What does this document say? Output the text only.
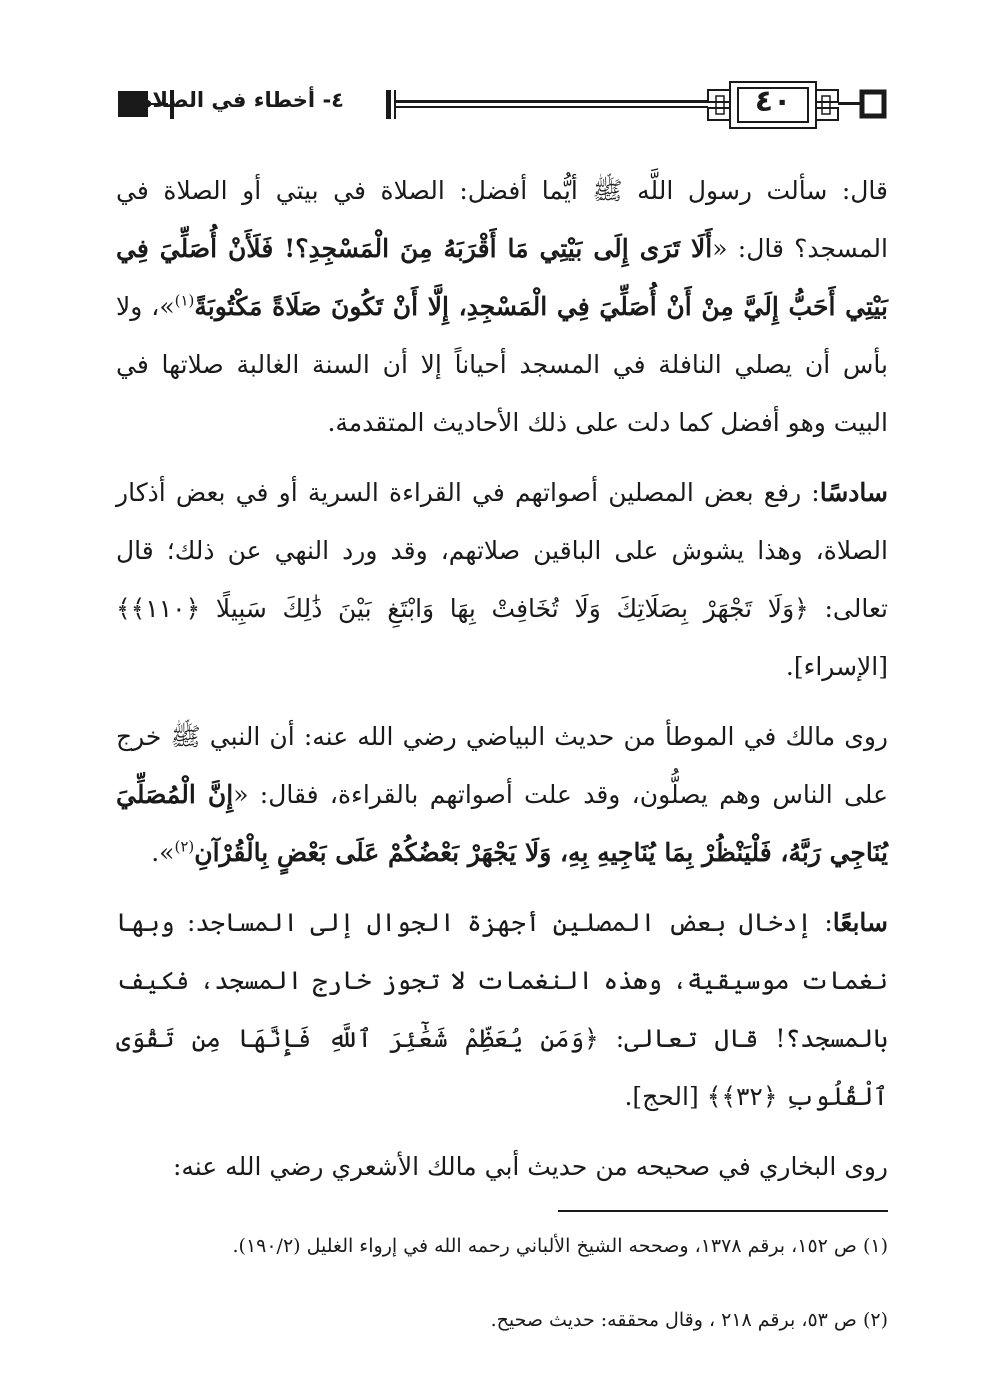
٤- أخطاء في الصلاة	٤٠

قال: سألت رسول اللَّه ﷺ أيُّما أفضل: الصلاة في بيتي أو الصلاة في المسجد؟ قال: «أَلَا تَرَى إِلَى بَيْتِي مَا أَقْرَبَهُ مِنَ الْمَسْجِدِ؟! فَلَأَنْ أُصَلِّيَ فِي بَيْتِي أَحَبُّ إِلَيَّ مِنْ أَنْ أُصَلِّيَ فِي الْمَسْجِدِ، إِلَّا أَنْ تَكُونَ صَلَاةً مَكْتُوبَةً$^{(١)}$»، ولا بأس أن يصلي النافلة في المسجد أحياناً إلا أن السنة الغالبة صلاتها في البيت وهو أفضل كما دلت على ذلك الأحاديث المتقدمة.

سادسًا: رفع بعض المصلين أصواتهم في القراءة السرية أو في بعض أذكار الصلاة، وهذا يشوش على الباقين صلاتهم، وقد ورد النهي عن ذلك؛ قال تعالى: ﴿وَلَا تَجْهَرْ بِصَلَاتِكَ وَلَا تُخَافِتْ بِهَا وَابْتَغِ بَيْنَ ذَٰلِكَ سَبِيلًا ﴿١١٠﴾﴾ [الإسراء].

روى مالك في الموطأ من حديث البياضي رضي الله عنه: أن النبي ﷺ خرج على الناس وهم يصلُّون، وقد علت أصواتهم بالقراءة، فقال: «إِنَّ الْمُصَلِّيَ يُنَاجِي رَبَّهُ، فَلْيَنْظُرْ بِمَا يُنَاجِيهِ بِهِ، وَلَا يَجْهَرْ بَعْضُكُمْ عَلَى بَعْضٍ بِالْقُرْآنِ$^{(٢)}$».

سابعًا: إدخال بعض المصلين أجهزة الجوال إلى المساجد: وبها نغمات موسيقية، وهذه النغمات لا تجوز خارج المسجد، فكيف بالمسجد؟! قال تعالى: ﴿وَمَن يُعَظِّمْ شَعَٰٓئِرَ ٱللَّهِ فَإِنَّهَا مِن تَقْوَى ٱلْقُلُوبِ ﴿٣٢﴾﴾ [الحج].

روى البخاري في صحيحه من حديث أبي مالك الأشعري رضي الله عنه:

(١) ص ١٥٢، برقم ١٣٧٨، وصححه الشيخ الألباني رحمه الله في إرواء الغليل (١٩٠/٢).

(٢) ص ٥٣، برقم ٢١٨ ، وقال محققه: حديث صحيح.
